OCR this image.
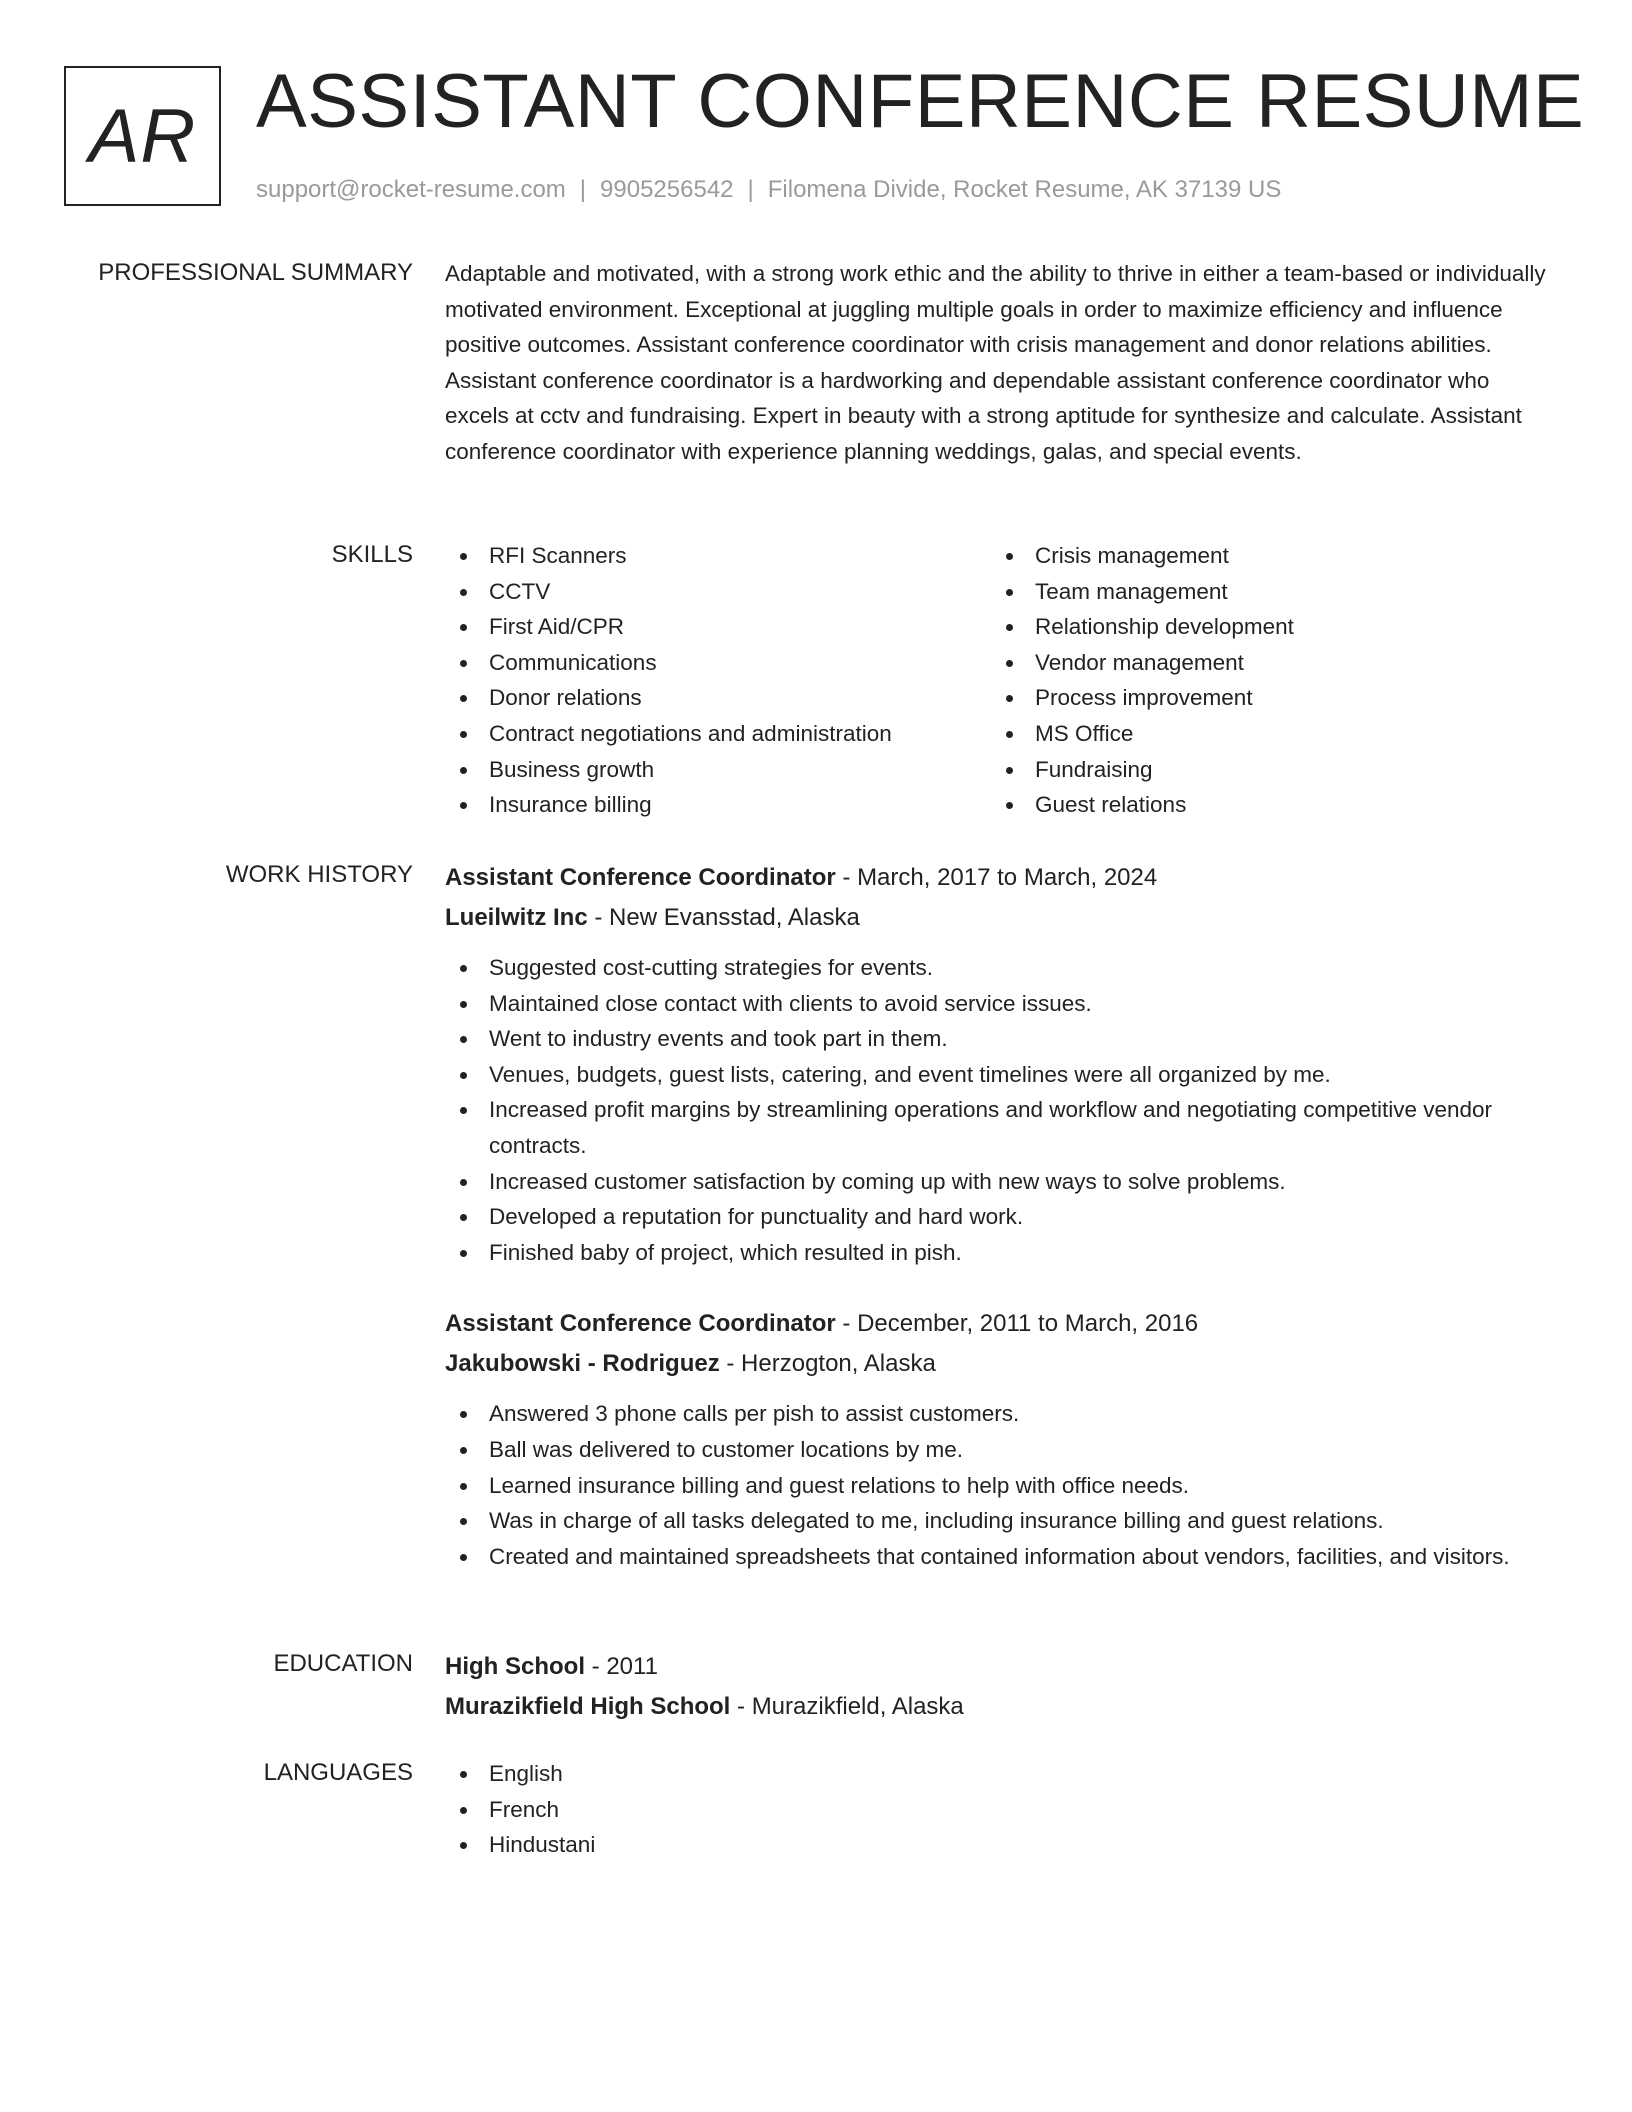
AR ASSISTANT CONFERENCE RESUME
support@rocket-resume.com | 9905256542 | Filomena Divide, Rocket Resume, AK 37139 US
PROFESSIONAL SUMMARY Adaptable and motivated, with a strong work ethic and the ability to thrive in either a team-based or individually motivated environment. Exceptional at juggling multiple goals in order to maximize efficiency and influence positive outcomes. Assistant conference coordinator with crisis management and donor relations abilities. Assistant conference coordinator is a hardworking and dependable assistant conference coordinator who excels at cctv and fundraising. Expert in beauty with a strong aptitude for synthesize and calculate. Assistant conference coordinator with experience planning weddings, galas, and special events.

SKILLS	RFI Scanners
CCTV
First Aid/CPR
Communications
Donor relations
Contract negotiations and administration
Business growth
Insurance billing
Crisis management
Team management
Relationship development
Vendor management
Process improvement
MS Office
Fundraising
Guest relations
WORK HISTORY Assistant Conference Coordinator - March, 2017 to March, 2024
Lueilwitz Inc - New Evansstad, Alaska
Suggested cost-cutting strategies for events.
Maintained close contact with clients to avoid service issues.
Went to industry events and took part in them.
Venues, budgets, guest lists, catering, and event timelines were all organized by me.
Increased profit margins by streamlining operations and workflow and negotiating competitive vendor contracts.
Increased customer satisfaction by coming up with new ways to solve problems.
Developed a reputation for punctuality and hard work.
Finished baby of project, which resulted in pish.
Assistant Conference Coordinator - December, 2011 to March, 2016
Jakubowski - Rodriguez - Herzogton, Alaska
Answered 3 phone calls per pish to assist customers.
Ball was delivered to customer locations by me.
Learned insurance billing and guest relations to help with office needs.
Was in charge of all tasks delegated to me, including insurance billing and guest relations.
Created and maintained spreadsheets that contained information about vendors, facilities, and visitors.
EDUCATION High School - 2011
Murazikfield High School - Murazikfield, Alaska
LANGUAGES	English
French
Hindustani
